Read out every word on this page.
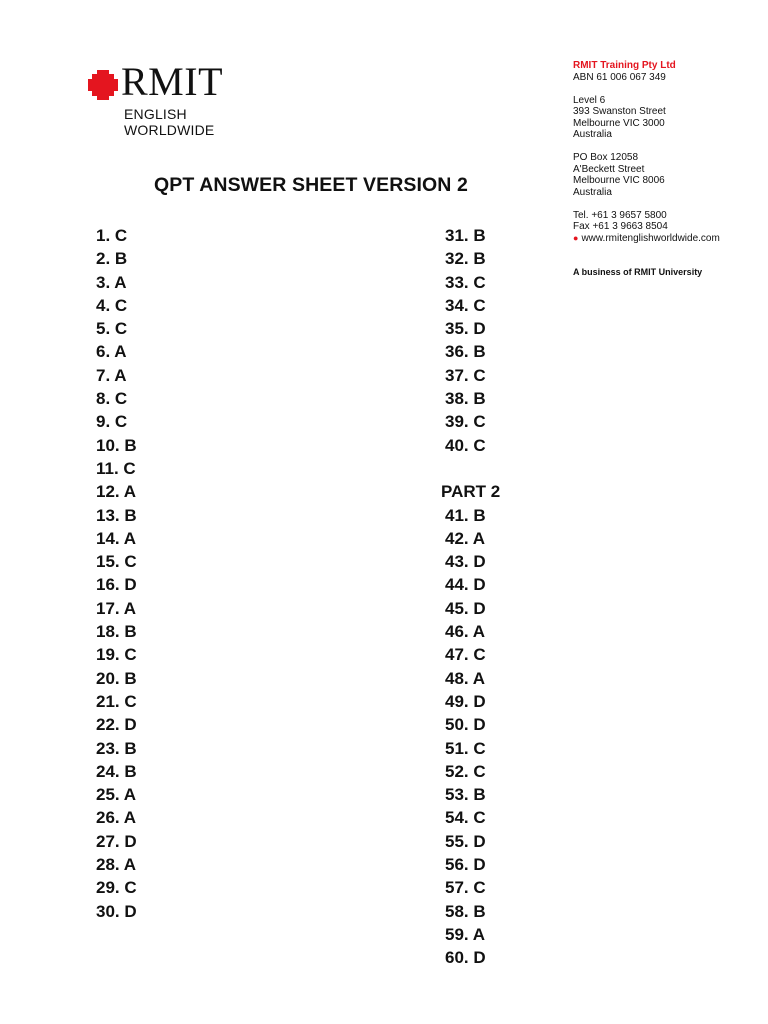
RMIT
ENGLISH
WORLDWIDE
RMIT Training Pty Ltd
ABN 61 006 067 349
Level 6
393 Swanston Street
Melbourne VIC 3000
Australia
PO Box 12058
A'Beckett Street
Melbourne VIC 8006
Australia
Tel. +61 3 9657 5800
Fax +61 3 9663 8504
● www.rmitenglishworldwide.com
A business of RMIT University
QPT ANSWER SHEET VERSION 2
1. C
2. B
3. A
4. C
5. C
6. A
7. A
8. C
9. C
10. B
11. C
12. A
13. B
14. A
15. C
16. D
17. A
18. B
19. C
20. B
21. C
22. D
23. B
24. B
25. A
26. A
27. D
28. A
29. C
30. D
31. B
32. B
33. C
34. C
35. D
36. B
37. C
38. B
39. C
40. C
PART 2
41. B
42. A
43. D
44. D
45. D
46. A
47. C
48. A
49. D
50. D
51. C
52. C
53. B
54. C
55. D
56. D
57. C
58. B
59. A
60. D
